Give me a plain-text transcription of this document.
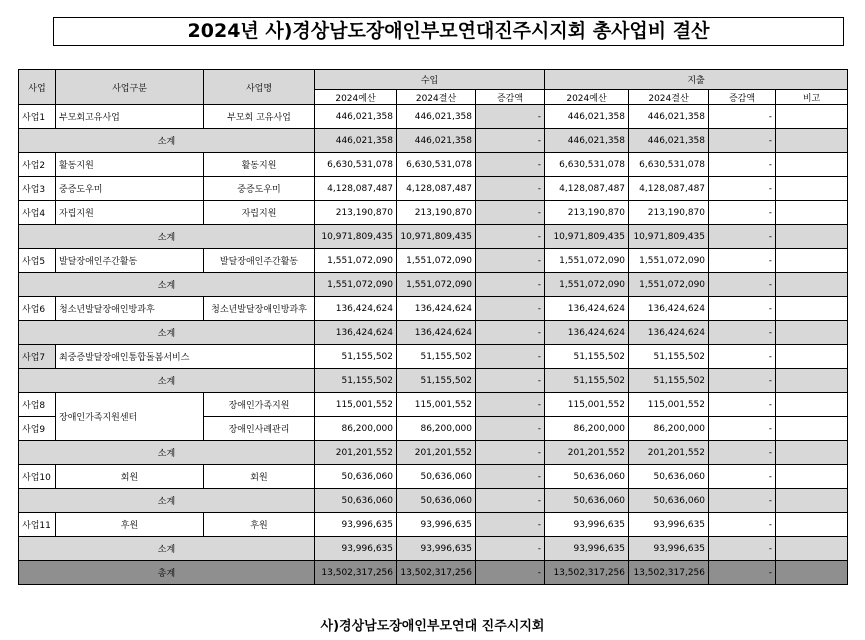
2024년 사)경상남도장애인부모연대진주시지회 총사업비 결산
사업	사업구분	사업명	수입			지출			
			2024예산	2024결산	증감액	2024예산	2024결산	증감액	비고
사업1	부모회고유사업	부모회 고유사업	446,021,358	446,021,358	-	446,021,358	446,021,358	-	
소계			446,021,358	446,021,358	-	446,021,358	446,021,358	-	
사업2	활동지원	활동지원	6,630,531,078	6,630,531,078	-	6,630,531,078	6,630,531,078	-	
사업3	중증도우미	중증도우미	4,128,087,487	4,128,087,487	-	4,128,087,487	4,128,087,487	-	
사업4	자립지원	자립지원	213,190,870	213,190,870	-	213,190,870	213,190,870	-	
소계			10,971,809,435	10,971,809,435	-	10,971,809,435	10,971,809,435	-	
사업5	발달장애인주간활동	발달장애인주간활동	1,551,072,090	1,551,072,090	-	1,551,072,090	1,551,072,090	-	
소계			1,551,072,090	1,551,072,090	-	1,551,072,090	1,551,072,090	-	
사업6	청소년발달장애인방과후	청소년발달장애인방과후	136,424,624	136,424,624	-	136,424,624	136,424,624	-	
소계			136,424,624	136,424,624	-	136,424,624	136,424,624	-	
사업7	최중증발달장애인통합돌봄서비스		51,155,502	51,155,502	-	51,155,502	51,155,502	-	
소계			51,155,502	51,155,502	-	51,155,502	51,155,502	-	
사업8	장애인가족지원센터	장애인가족지원	115,001,552	115,001,552	-	115,001,552	115,001,552	-	
사업9		장애인사례관리	86,200,000	86,200,000	-	86,200,000	86,200,000	-	
소계			201,201,552	201,201,552	-	201,201,552	201,201,552	-	
사업10	회원	회원	50,636,060	50,636,060	-	50,636,060	50,636,060	-	
소계			50,636,060	50,636,060	-	50,636,060	50,636,060	-	
사업11	후원	후원	93,996,635	93,996,635	-	93,996,635	93,996,635	-	
소계			93,996,635	93,996,635	-	93,996,635	93,996,635	-	
총계			13,502,317,256	13,502,317,256	-	13,502,317,256	13,502,317,256	-	
사)경상남도장애인부모연대 진주시지회
